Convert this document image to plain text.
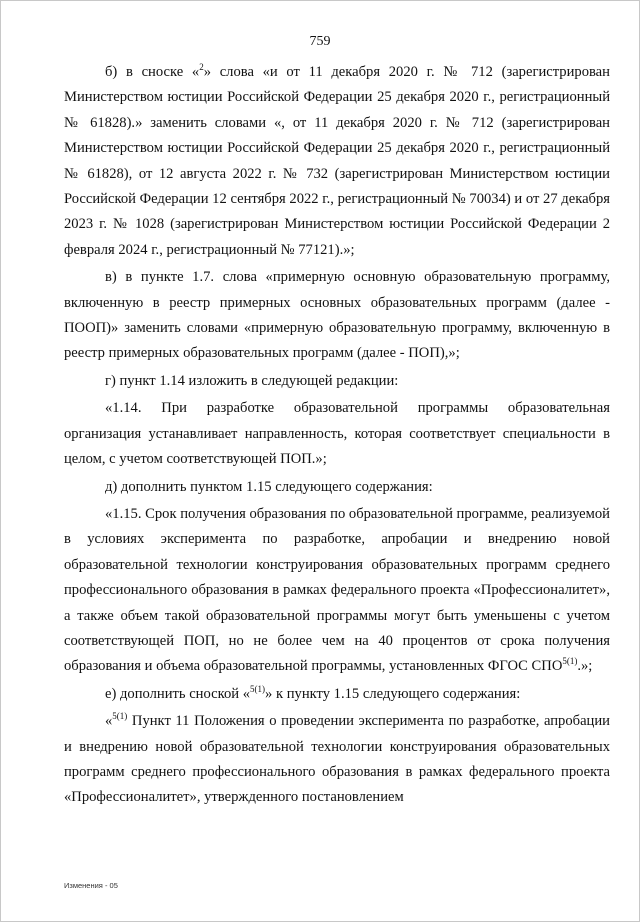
759

б) в сноске «$^2$» слова «и от 11 декабря 2020 г. № 712 (зарегистрирован Министерством юстиции Российской Федерации 25 декабря 2020 г., регистрационный № 61828).» заменить словами «, от 11 декабря 2020 г. № 712 (зарегистрирован Министерством юстиции Российской Федерации 25 декабря 2020 г., регистрационный № 61828), от 12 августа 2022 г. № 732 (зарегистрирован Министерством юстиции Российской Федерации 12 сентября 2022 г., регистрационный № 70034) и от 27 декабря 2023 г. № 1028 (зарегистрирован Министерством юстиции Российской Федерации 2 февраля 2024 г., регистрационный № 77121).»;

в) в пункте 1.7. слова «примерную основную образовательную программу, включенную в реестр примерных основных образовательных программ (далее - ПООП)» заменить словами «примерную образовательную программу, включенную в реестр примерных образовательных программ (далее - ПОП),»;

г) пункт 1.14 изложить в следующей редакции:

«1.14. При разработке образовательной программы образовательная организация устанавливает направленность, которая соответствует специальности в целом, с учетом соответствующей ПОП.»;

д) дополнить пунктом 1.15 следующего содержания:

«1.15. Срок получения образования по образовательной программе, реализуемой в условиях эксперимента по разработке, апробации и внедрению новой образовательной технологии конструирования образовательных программ среднего профессионального образования в рамках федерального проекта «Профессионалитет», а также объем такой образовательной программы могут быть уменьшены с учетом соответствующей ПОП, но не более чем на 40 процентов от срока получения образования и объема образовательной программы, установленных ФГОС $СПО^{5(1)}$.»;

е) дополнить сноской «$^{5(1)}$» к пункту 1.15 следующего содержания:

«$^{5(1)}$ Пункт 11 Положения о проведении эксперимента по разработке, апробации и внедрению новой образовательной технологии конструирования образовательных программ среднего профессионального образования в рамках федерального проекта «Профессионалитет», утвержденного постановлением

Изменения - 05
